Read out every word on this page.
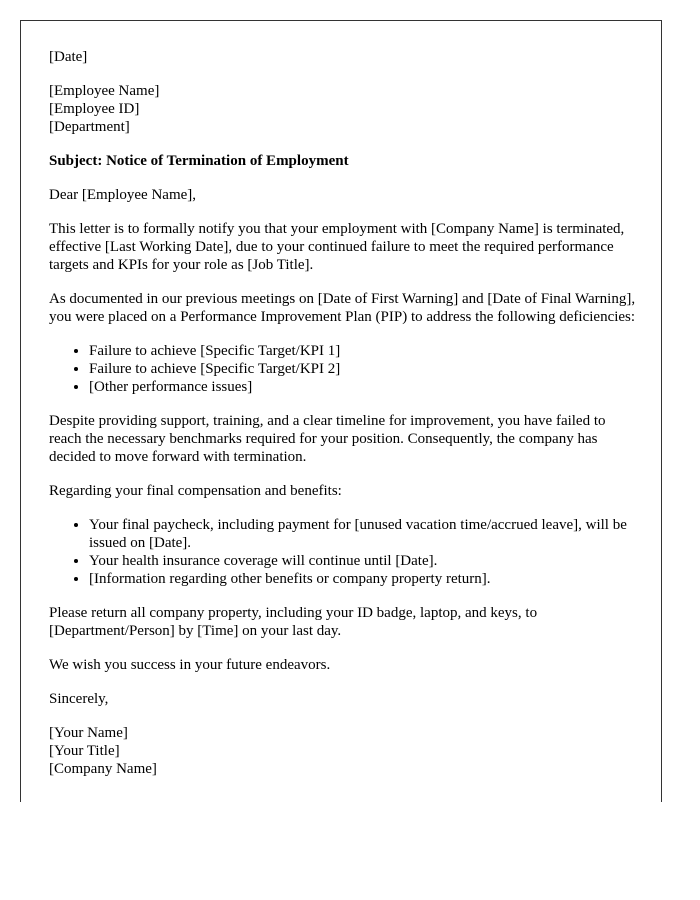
[Date]

[Employee Name]
[Employee ID]
[Department]

Subject: Notice of Termination of Employment

Dear [Employee Name],

This letter is to formally notify you that your employment with [Company Name] is terminated, effective [Last Working Date], due to your continued failure to meet the required performance targets and KPIs for your role as [Job Title].

As documented in our previous meetings on [Date of First Warning] and [Date of Final Warning], you were placed on a Performance Improvement Plan (PIP) to address the following deficiencies:

• Failure to achieve [Specific Target/KPI 1]
• Failure to achieve [Specific Target/KPI 2]
• [Other performance issues]

Despite providing support, training, and a clear timeline for improvement, you have failed to reach the necessary benchmarks required for your position. Consequently, the company has decided to move forward with termination.

Regarding your final compensation and benefits:

• Your final paycheck, including payment for [unused vacation time/accrued leave], will be issued on [Date].
• Your health insurance coverage will continue until [Date].
• [Information regarding other benefits or company property return].

Please return all company property, including your ID badge, laptop, and keys, to [Department/Person] by [Time] on your last day.

We wish you success in your future endeavors.

Sincerely,

[Your Name]
[Your Title]
[Company Name]
